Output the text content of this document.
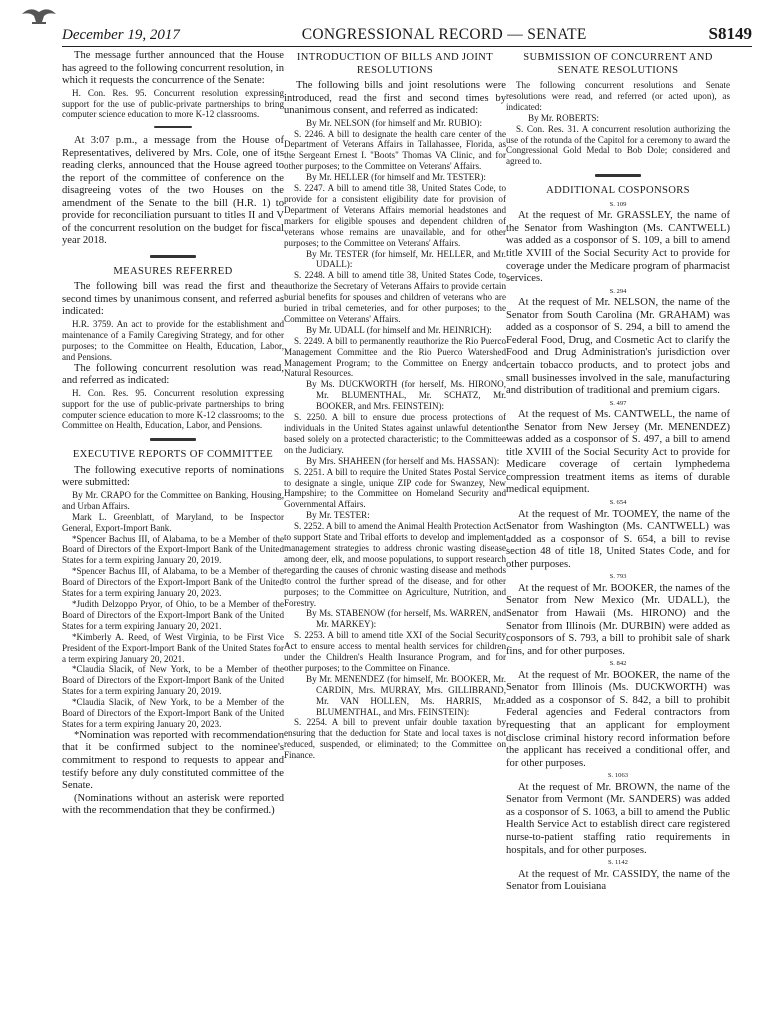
December 19, 2017	CONGRESSIONAL RECORD — SENATE	S8149

The message further announced that the House has agreed to the following concurrent resolution, in which it requests the concurrence of the Senate:

H. Con. Res. 95. Concurrent resolution expressing support for the use of public-private partnerships to bring computer science education to more K-12 classrooms.

At 3:07 p.m., a message from the House of Representatives, delivered by Mrs. Cole, one of its reading clerks, announced that the House agreed to the report of the committee of conference on the disagreeing votes of the two Houses on the amendment of the Senate to the bill (H.R. 1) to provide for reconciliation pursuant to titles II and V of the concurrent resolution on the budget for fiscal year 2018.

MEASURES REFERRED

The following bill was read the first and the second times by unanimous consent, and referred as indicated:

H.R. 3759. An act to provide for the establishment and maintenance of a Family Caregiving Strategy, and for other purposes; to the Committee on Health, Education, Labor, and Pensions.

The following concurrent resolution was read, and referred as indicated:

H. Con. Res. 95. Concurrent resolution expressing support for the use of public-private partnerships to bring computer science education to more K-12 classrooms; to the Committee on Health, Education, Labor, and Pensions.

EXECUTIVE REPORTS OF COMMITTEE

The following executive reports of nominations were submitted:

By Mr. CRAPO for the Committee on Banking, Housing, and Urban Affairs.

Mark L. Greenblatt, of Maryland, to be Inspector General, Export-Import Bank.

*Spencer Bachus III, of Alabama, to be a Member of the Board of Directors of the Export-Import Bank of the United States for a term expiring January 20, 2019.

*Spencer Bachus III, of Alabama, to be a Member of the Board of Directors of the Export-Import Bank of the United States for a term expiring January 20, 2023.

*Judith Delzoppo Pryor, of Ohio, to be a Member of the Board of Directors of the Export-Import Bank of the United States for a term expiring January 20, 2021.

*Kimberly A. Reed, of West Virginia, to be First Vice President of the Export-Import Bank of the United States for a term expiring January 20, 2021.

*Claudia Slacik, of New York, to be a Member of the Board of Directors of the Export-Import Bank of the United States for a term expiring January 20, 2019.

*Claudia Slacik, of New York, to be a Member of the Board of Directors of the Export-Import Bank of the United States for a term expiring January 20, 2023.

*Nomination was reported with recommendation that it be confirmed subject to the nominee's commitment to respond to requests to appear and testify before any duly constituted committee of the Senate.

(Nominations without an asterisk were reported with the recommendation that they be confirmed.)

INTRODUCTION OF BILLS AND JOINT RESOLUTIONS

The following bills and joint resolutions were introduced, read the first and second times by unanimous consent, and referred as indicated:

By Mr. NELSON (for himself and Mr. RUBIO):

S. 2246. A bill to designate the health care center of the Department of Veterans Affairs in Tallahassee, Florida, as the Sergeant Ernest I. "Boots" Thomas VA Clinic, and for other purposes; to the Committee on Veterans' Affairs.

By Mr. HELLER (for himself and Mr. TESTER):

S. 2247. A bill to amend title 38, United States Code, to provide for a consistent eligibility date for provision of Department of Veterans Affairs memorial headstones and markers for eligible spouses and dependent children of veterans whose remains are unavailable, and for other purposes; to the Committee on Veterans' Affairs.

By Mr. TESTER (for himself, Mr. HELLER, and Mr. UDALL):

S. 2248. A bill to amend title 38, United States Code, to authorize the Secretary of Veterans Affairs to provide certain burial benefits for spouses and children of veterans who are buried in tribal cemeteries, and for other purposes; to the Committee on Veterans' Affairs.

By Mr. UDALL (for himself and Mr. HEINRICH):

S. 2249. A bill to permanently reauthorize the Rio Puerco Management Committee and the Rio Puerco Watershed Management Program; to the Committee on Energy and Natural Resources.

By Ms. DUCKWORTH (for herself, Ms. HIRONO, Mr. BLUMENTHAL, Mr. SCHATZ, Mr. BOOKER, and Mrs. FEINSTEIN):

S. 2250. A bill to ensure due process protections of individuals in the United States against unlawful detention based solely on a protected characteristic; to the Committee on the Judiciary.

By Mrs. SHAHEEN (for herself and Ms. HASSAN):

S. 2251. A bill to require the United States Postal Service to designate a single, unique ZIP code for Swanzey, New Hampshire; to the Committee on Homeland Security and Governmental Affairs.

By Mr. TESTER:

S. 2252. A bill to amend the Animal Health Protection Act to support State and Tribal efforts to develop and implement management strategies to address chronic wasting disease among deer, elk, and moose populations, to support research regarding the causes of chronic wasting disease and methods to control the further spread of the disease, and for other purposes; to the Committee on Agriculture, Nutrition, and Forestry.

By Ms. STABENOW (for herself, Ms. WARREN, and Mr. MARKEY):

S. 2253. A bill to amend title XXI of the Social Security Act to ensure access to mental health services for children under the Children's Health Insurance Program, and for other purposes; to the Committee on Finance.

By Mr. MENENDEZ (for himself, Mr. BOOKER, Mr. CARDIN, Mrs. MURRAY, Mrs. GILLIBRAND, Mr. VAN HOLLEN, Ms. HARRIS, Mr. BLUMENTHAL, and Mrs. FEINSTEIN):

S. 2254. A bill to prevent unfair double taxation by ensuring that the deduction for State and local taxes is not reduced, suspended, or eliminated; to the Committee on Finance.

SUBMISSION OF CONCURRENT AND SENATE RESOLUTIONS

The following concurrent resolutions and Senate resolutions were read, and referred (or acted upon), as indicated:

By Mr. ROBERTS:

S. Con. Res. 31. A concurrent resolution authorizing the use of the rotunda of the Capitol for a ceremony to award the Congressional Gold Medal to Bob Dole; considered and agreed to.

ADDITIONAL COSPONSORS
S. 109

At the request of Mr. GRASSLEY, the name of the Senator from Washington (Ms. CANTWELL) was added as a cosponsor of S. 109, a bill to amend title XVIII of the Social Security Act to provide for coverage under the Medicare program of pharmacist services.

S. 294

At the request of Mr. NELSON, the name of the Senator from South Carolina (Mr. GRAHAM) was added as a cosponsor of S. 294, a bill to amend the Federal Food, Drug, and Cosmetic Act to clarify the Food and Drug Administration's jurisdiction over certain tobacco products, and to protect jobs and small businesses involved in the sale, manufacturing and distribution of traditional and premium cigars.

S. 497

At the request of Ms. CANTWELL, the name of the Senator from New Jersey (Mr. MENENDEZ) was added as a cosponsor of S. 497, a bill to amend title XVIII of the Social Security Act to provide for Medicare coverage of certain lymphedema compression treatment items as items of durable medical equipment.

S. 654

At the request of Mr. TOOMEY, the name of the Senator from Washington (Ms. CANTWELL) was added as a cosponsor of S. 654, a bill to revise section 48 of title 18, United States Code, and for other purposes.

S. 793

At the request of Mr. BOOKER, the names of the Senator from New Mexico (Mr. UDALL), the Senator from Hawaii (Ms. HIRONO) and the Senator from Illinois (Mr. DURBIN) were added as cosponsors of S. 793, a bill to prohibit sale of shark fins, and for other purposes.

S. 842

At the request of Mr. BOOKER, the name of the Senator from Illinois (Ms. DUCKWORTH) was added as a cosponsor of S. 842, a bill to prohibit Federal agencies and Federal contractors from requesting that an applicant for employment disclose criminal history record information before the applicant has received a conditional offer, and for other purposes.

S. 1063

At the request of Mr. BROWN, the name of the Senator from Vermont (Mr. SANDERS) was added as a cosponsor of S. 1063, a bill to amend the Public Health Service Act to establish direct care registered nurse-to-patient staffing ratio requirements in hospitals, and for other purposes.

S. 1142

At the request of Mr. CASSIDY, the name of the Senator from Louisiana
